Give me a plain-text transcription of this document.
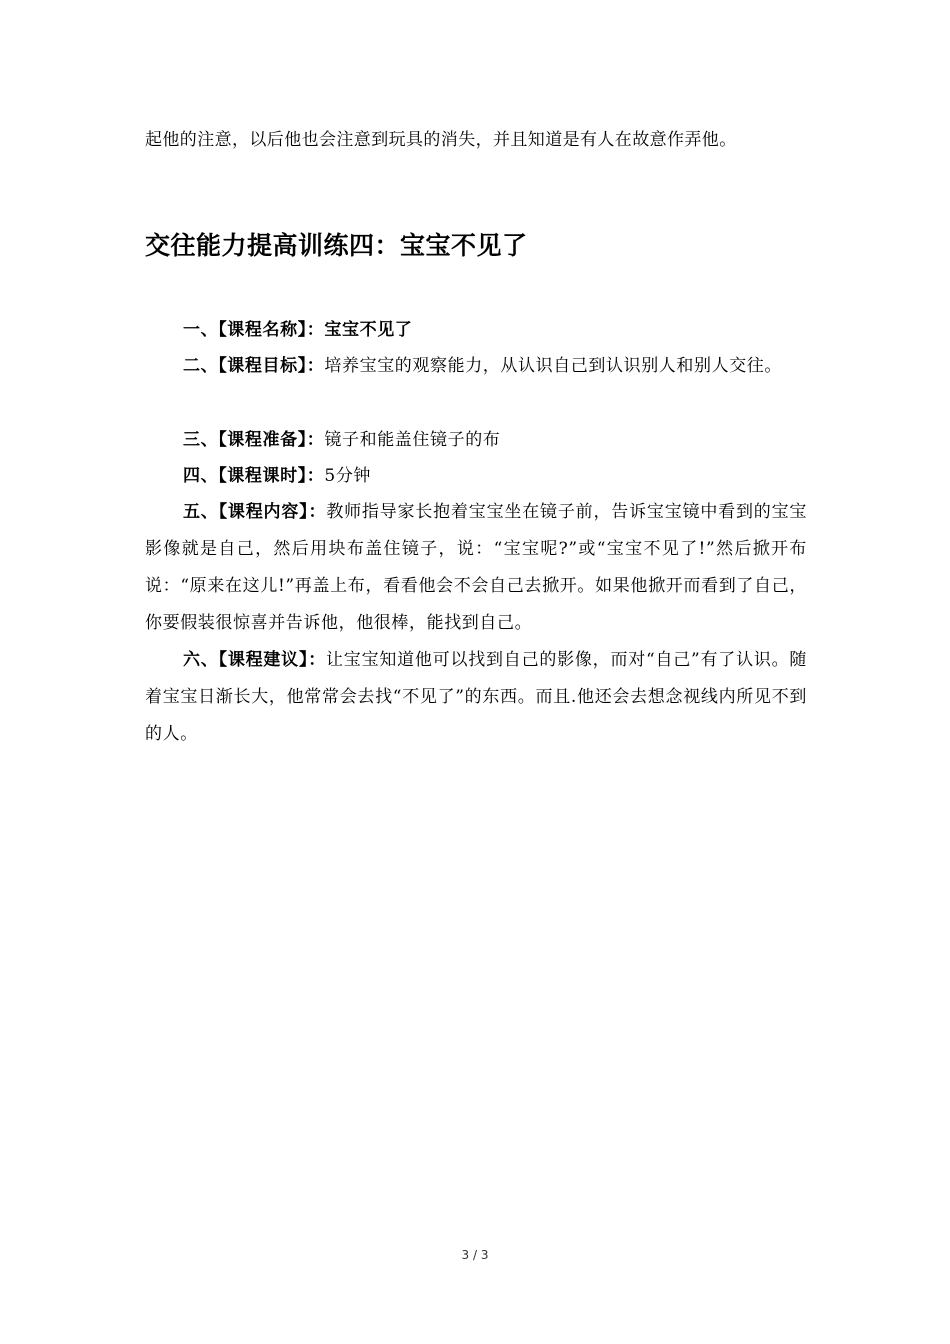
起他的注意，以后他也会注意到玩具的消失，并且知道是有人在故意作弄他。
交往能力提高训练四：宝宝不见了
一、【课程名称】：宝宝不见了
二、【课程目标】：培养宝宝的观察能力，从认识自己到认识别人和别人交往。
三、【课程准备】：镜子和能盖住镜子的布
四、【课程课时】：5分钟
五、【课程内容】：教师指导家长抱着宝宝坐在镜子前，告诉宝宝镜中看到的宝宝影像就是自己，然后用块布盖住镜子，说：“宝宝呢?”或“宝宝不见了!”然后掀开布说：“原来在这儿!”再盖上布，看看他会不会自己去掀开。如果他掀开而看到了自己，你要假装很惊喜并告诉他，他很棒，能找到自己。
六、【课程建议】：让宝宝知道他可以找到自己的影像，而对“自己”有了认识。随着宝宝日渐长大，他常常会去找“不见了”的东西。而且.他还会去想念视线内所见不到的人。
3 / 3
